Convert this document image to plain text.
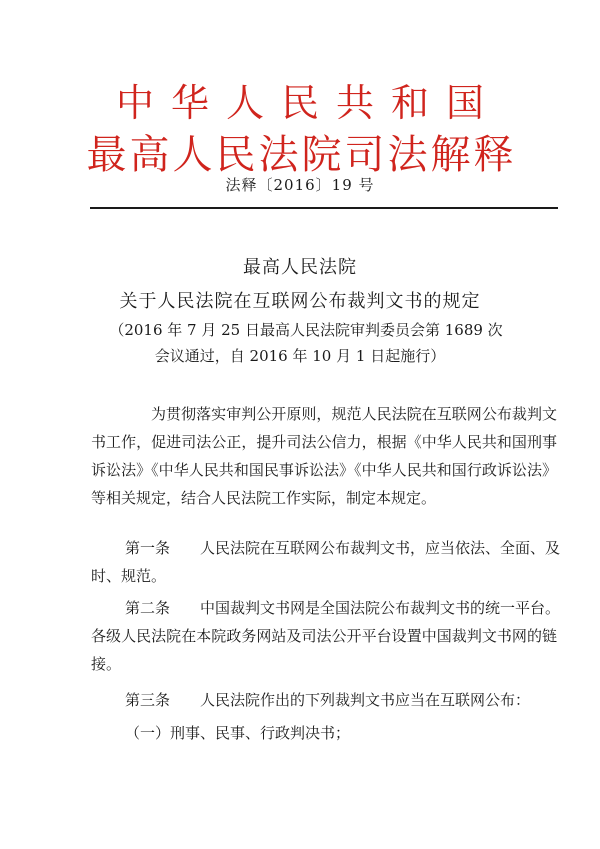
中华人民共和国
最高人民法院司法解释
法释〔2016〕19 号
最高人民法院
关于人民法院在互联网公布裁判文书的规定
（2016 年 7 月 25 日最高人民法院审判委员会第 1689 次
会议通过，自 2016 年 10 月 1 日起施行）
为贯彻落实审判公开原则，规范人民法院在互联网公布裁判文
书工作，促进司法公正，提升司法公信力，根据《中华人民共和国刑事
诉讼法》《中华人民共和国民事诉讼法》《中华人民共和国行政诉讼法》
等相关规定，结合人民法院工作实际，制定本规定。
第一条　　人民法院在互联网公布裁判文书，应当依法、全面、及
时、规范。
第二条　　中国裁判文书网是全国法院公布裁判文书的统一平台。
各级人民法院在本院政务网站及司法公开平台设置中国裁判文书网的链
接。
第三条　　人民法院作出的下列裁判文书应当在互联网公布：
（一）刑事、民事、行政判决书；
